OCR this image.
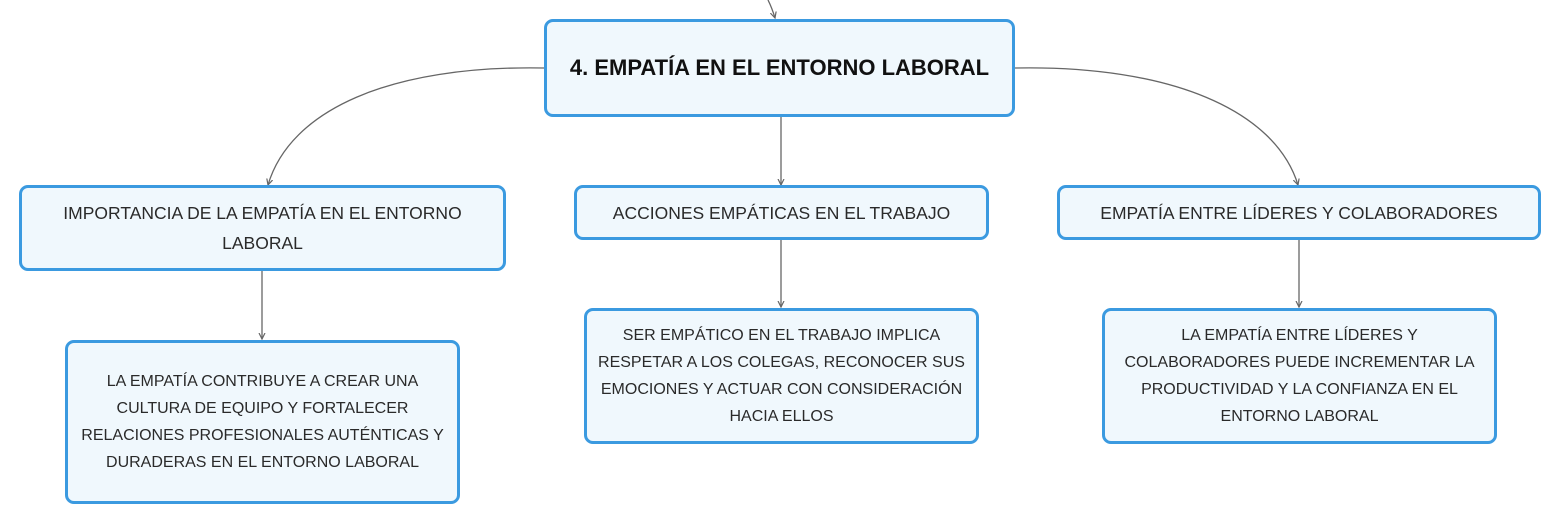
4. EMPATÍA EN EL ENTORNO LABORAL
IMPORTANCIA DE LA EMPATÍA EN EL ENTORNO LABORAL
ACCIONES EMPÁTICAS EN EL TRABAJO	EMPATÍA ENTRE LÍDERES Y COLABORADORES
LA EMPATÍA CONTRIBUYE A CREAR UNA CULTURA DE EQUIPO Y FORTALECER RELACIONES PROFESIONALES AUTÉNTICAS Y DURADERAS EN EL ENTORNO LABORAL
SER EMPÁTICO EN EL TRABAJO IMPLICA RESPETAR A LOS COLEGAS, RECONOCER SUS EMOCIONES Y ACTUAR CON CONSIDERACIÓN HACIA ELLOS
LA EMPATÍA ENTRE LÍDERES Y COLABORADORES PUEDE INCREMENTAR LA PRODUCTIVIDAD Y LA CONFIANZA EN EL ENTORNO LABORAL
